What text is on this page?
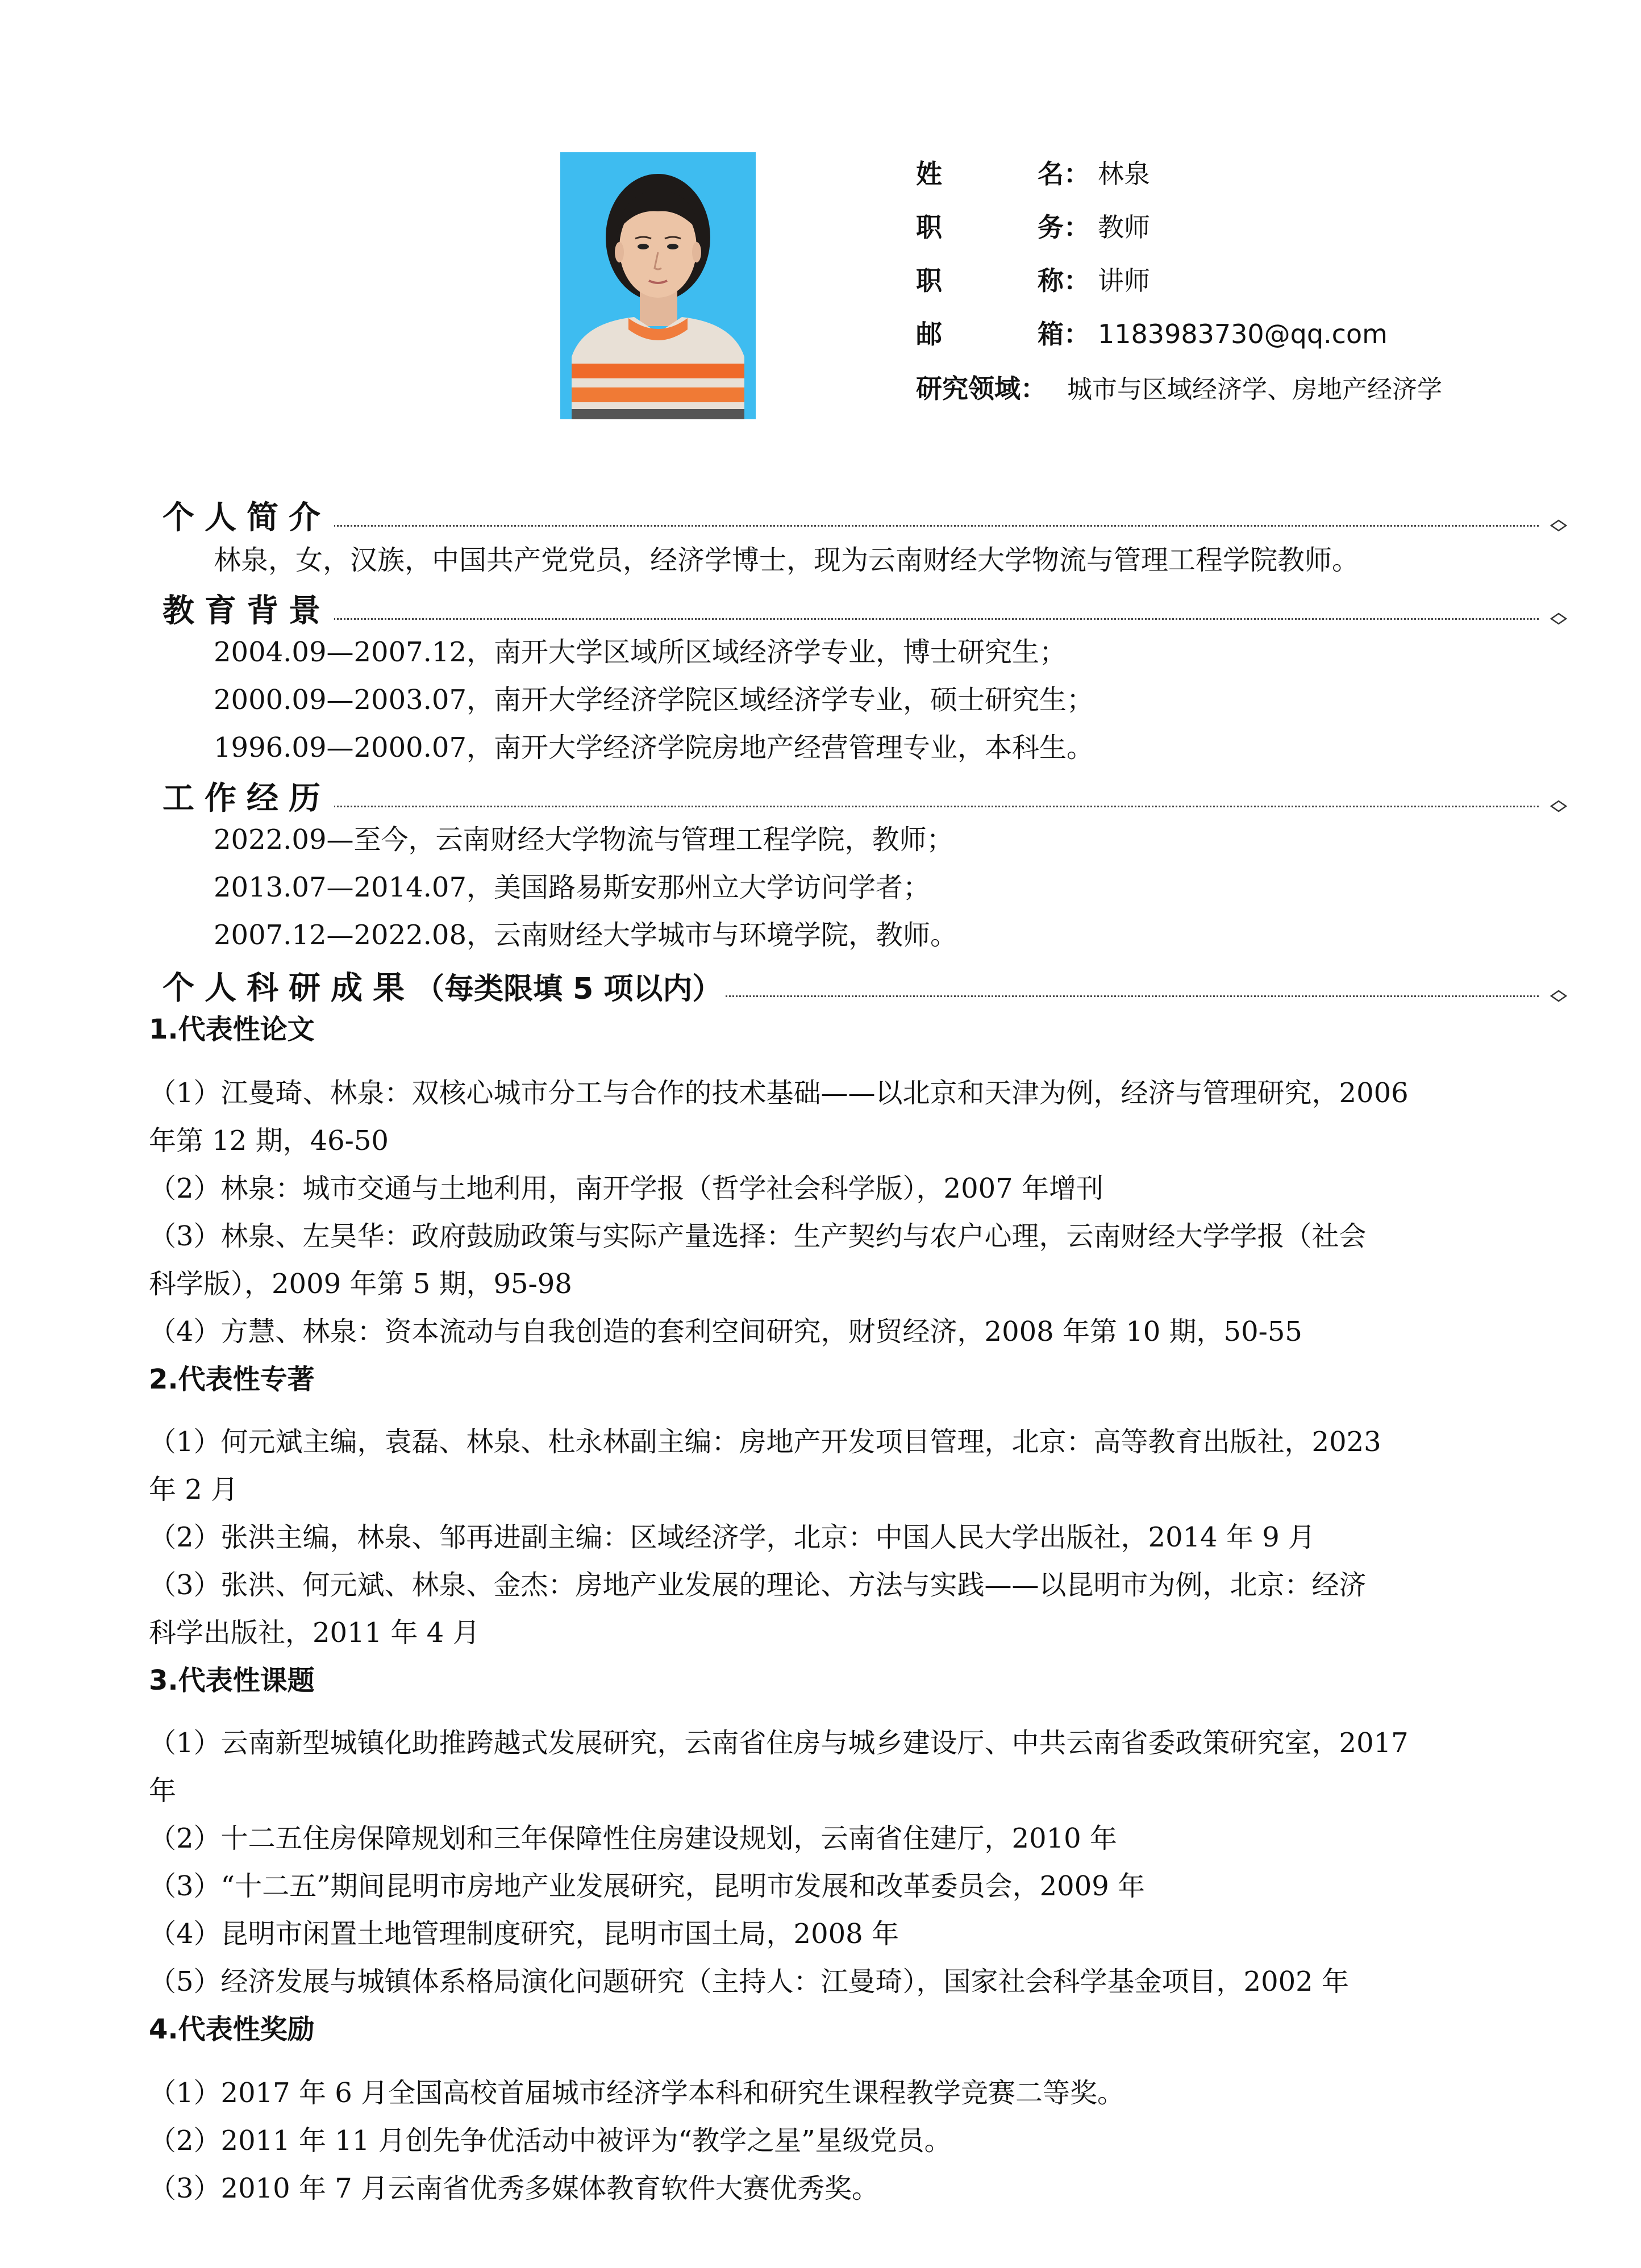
姓	名： 林泉
职	务： 教师
职	称： 讲师
邮	箱： 1183983730@qq.com
研究领域： 城市与区域经济学、房地产经济学
个人简介
林泉，女，汉族，中国共产党党员，经济学博士，现为云南财经大学物流与管理工程学院教师。
教育背景
2004.09—2007.12，南开大学区域所区域经济学专业，博士研究生；
2000.09—2003.07，南开大学经济学院区域经济学专业，硕士研究生；
1996.09—2000.07，南开大学经济学院房地产经营管理专业，本科生。
工作经历
2022.09—至今，云南财经大学物流与管理工程学院，教师；
2013.07—2014.07，美国路易斯安那州立大学访问学者；
2007.12—2022.08，云南财经大学城市与环境学院，教师。
个人科研成果（每类限填 5 项以内）
1.代表性论文
（1）江曼琦、林泉：双核心城市分工与合作的技术基础——以北京和天津为例，经济与管理研究，2006
年第 12 期，46-50
（2）林泉：城市交通与土地利用，南开学报（哲学社会科学版），2007 年增刊
（3）林泉、左昊华：政府鼓励政策与实际产量选择：生产契约与农户心理，云南财经大学学报（社会
科学版），2009 年第 5 期，95-98
（4）方慧、林泉：资本流动与自我创造的套利空间研究，财贸经济，2008 年第 10 期，50-55
2.代表性专著
（1）何元斌主编，袁磊、林泉、杜永林副主编：房地产开发项目管理，北京：高等教育出版社，2023
年 2 月
（2）张洪主编，林泉、邹再进副主编：区域经济学，北京：中国人民大学出版社，2014 年 9 月
（3）张洪、何元斌、林泉、金杰：房地产业发展的理论、方法与实践——以昆明市为例，北京：经济
科学出版社，2011 年 4 月
3.代表性课题
（1）云南新型城镇化助推跨越式发展研究，云南省住房与城乡建设厅、中共云南省委政策研究室，2017
年
（2）十二五住房保障规划和三年保障性住房建设规划，云南省住建厅，2010 年
（3）“十二五”期间昆明市房地产业发展研究，昆明市发展和改革委员会，2009 年
（4）昆明市闲置土地管理制度研究，昆明市国土局，2008 年
（5）经济发展与城镇体系格局演化问题研究（主持人：江曼琦），国家社会科学基金项目，2002 年
4.代表性奖励
（1）2017 年 6 月全国高校首届城市经济学本科和研究生课程教学竞赛二等奖。
（2）2011 年 11 月创先争优活动中被评为“教学之星”星级党员。
（3）2010 年 7 月云南省优秀多媒体教育软件大赛优秀奖。
